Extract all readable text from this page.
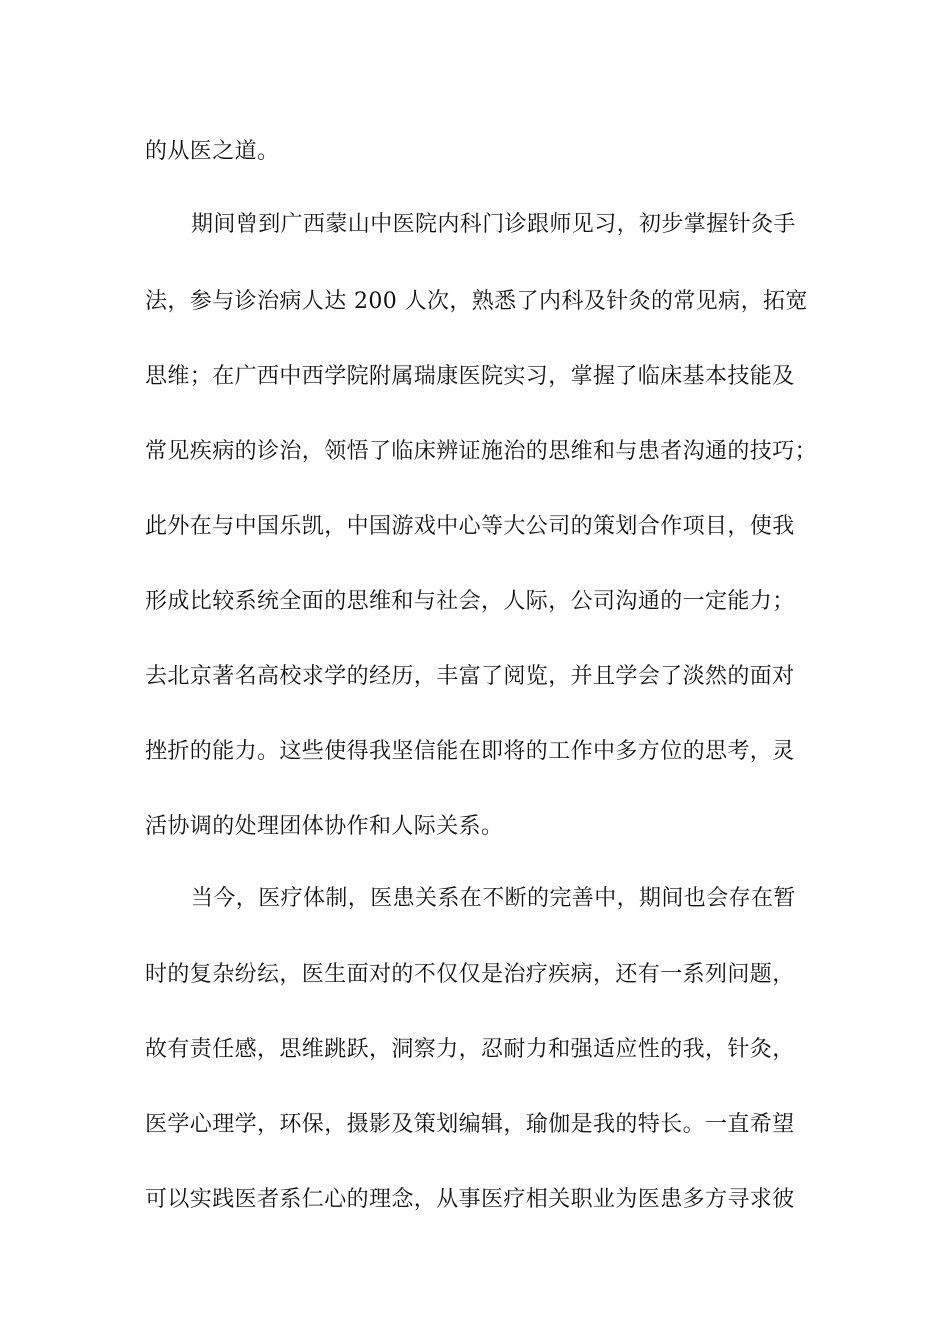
的从医之道。

期间曾到广西蒙山中医院内科门诊跟师见习，初步掌握针灸手

法，参与诊治病人达 200 人次，熟悉了内科及针灸的常见病，拓宽

思维；在广西中西学院附属瑞康医院实习，掌握了临床基本技能及

常见疾病的诊治，领悟了临床辨证施治的思维和与患者沟通的技巧；

此外在与中国乐凯，中国游戏中心等大公司的策划合作项目，使我

形成比较系统全面的思维和与社会，人际，公司沟通的一定能力；

去北京著名高校求学的经历，丰富了阅览，并且学会了淡然的面对

挫折的能力。这些使得我坚信能在即将的工作中多方位的思考，灵

活协调的处理团体协作和人际关系。

当今，医疗体制，医患关系在不断的完善中，期间也会存在暂

时的复杂纷纭，医生面对的不仅仅是治疗疾病，还有一系列问题，

故有责任感，思维跳跃，洞察力，忍耐力和强适应性的我，针灸，

医学心理学，环保，摄影及策划编辑，瑜伽是我的特长。一直希望

可以实践医者系仁心的理念，从事医疗相关职业为医患多方寻求彼
